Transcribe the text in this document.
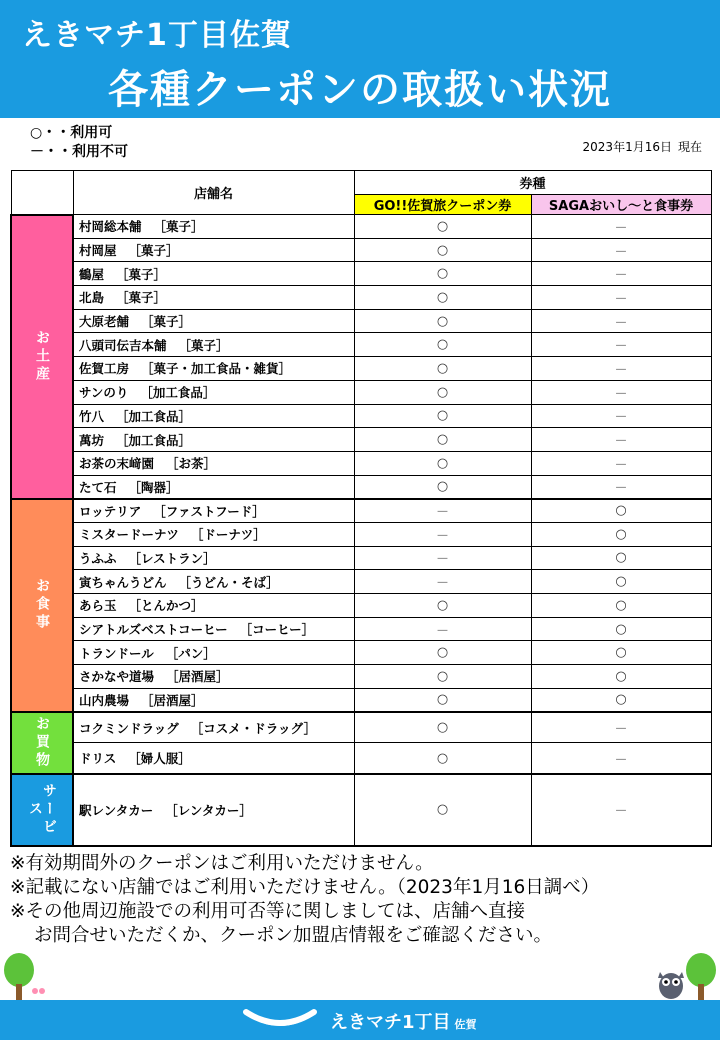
えきマチ1丁目佐賀
各種クーポンの取扱い状況
○・・利用可
－・・利用不可	2023年1月16日 現在
	店舗名	券種	
		GO!!佐賀旅クーポン券	SAGAおいし～と食事券

お土産	村岡総本舗 ［菓子］	○	－
	村岡屋 ［菓子］	○	－
	鶴屋 ［菓子］	○	－
	北島 ［菓子］	○	－
	大原老舗 ［菓子］	○	－
	八頭司伝吉本舗 ［菓子］	○	－
	佐賀工房 ［菓子・加工食品・雑貨］	○	－
	サンのり ［加工食品］	○	－
	竹八 ［加工食品］	○	－
	萬坊 ［加工食品］	○	－
	お茶の末﨑園 ［お茶］	○	－
	たて石 ［陶器］	○	－

お食事	ロッテリア ［ファストフード］	－	○
	ミスタードーナツ ［ドーナツ］	－	○
	うふふ ［レストラン］	－	○
	寅ちゃんうどん ［うどん・そば］	－	○
	あら玉 ［とんかつ］	○	○
	シアトルズベストコーヒー ［コーヒー］	－	○
	トランドール ［パン］	○	○
	さかなや道場 ［居酒屋］	○	○
	山内農場 ［居酒屋］	○	○

お買物	コクミンドラッグ ［コスメ・ドラッグ］	○	－
	ドリス ［婦人服］	○	－

サービス	駅レンタカー ［レンタカー］	○	－
※有効期間外のクーポンはご利用いただけません。
※記載にない店舗ではご利用いただけません。（2023年1月16日調べ）
※その他周辺施設での利用可否等に関しましては、店舗へ直接
お問合せいただくか、クーポン加盟店情報をご確認ください。
えきマチ1丁目 佐賀
